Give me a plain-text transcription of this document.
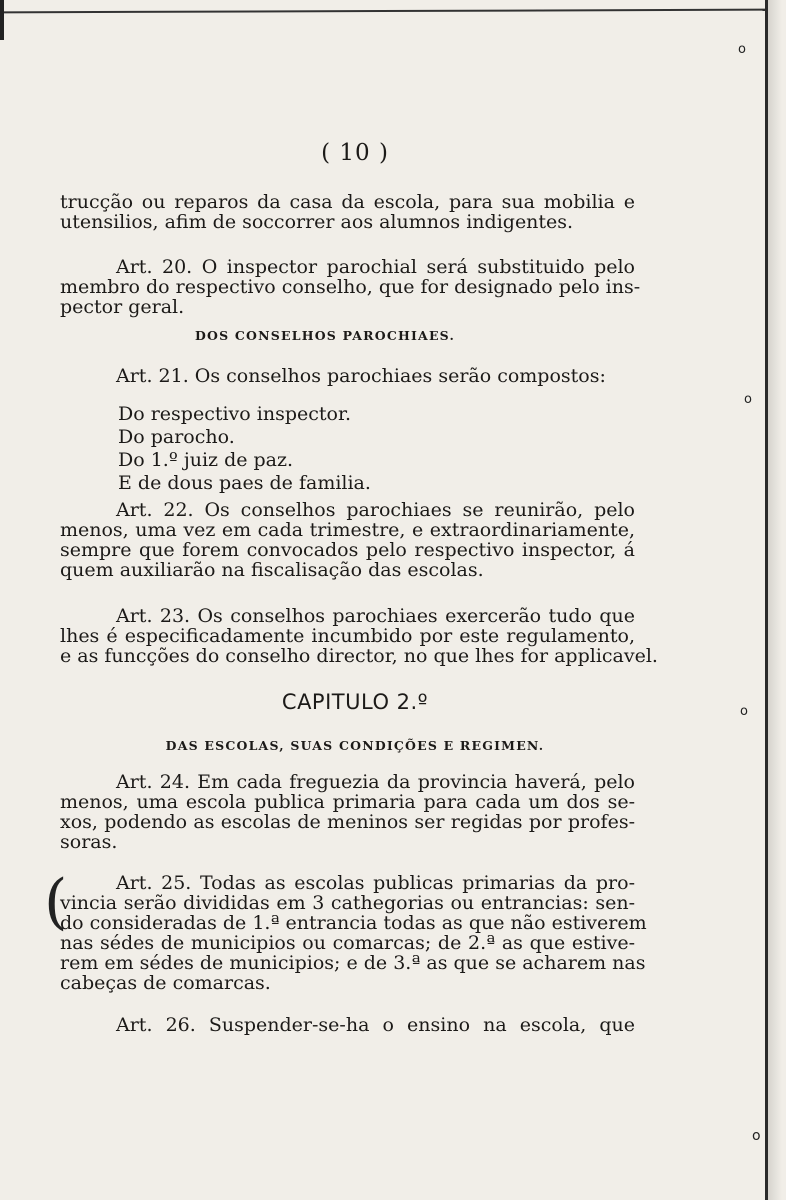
o
o
o
o
(
( 10 )
trucção ou reparos da casa da escola, para sua mobilia e
utensilios, afim de soccorrer aos alumnos indigentes.
Art. 20. O inspector parochial será substituido pelo
membro do respectivo conselho, que for designado pelo ins-
pector geral.
DOS CONSELHOS PAROCHIAES.
Art. 21. Os conselhos parochiaes serão compostos:
Do respectivo inspector.
Do parocho.
Do 1.º juiz de paz.
E de dous paes de familia.
Art. 22. Os conselhos parochiaes se reunirão, pelo
menos, uma vez em cada trimestre, e extraordinariamente,
sempre que forem convocados pelo respectivo inspector, á
quem auxiliarão na fiscalisação das escolas.
Art. 23. Os conselhos parochiaes exercerão tudo que
lhes é especificadamente incumbido por este regulamento,
e as funcções do conselho director, no que lhes for applicavel.
CAPITULO 2.º
DAS ESCOLAS, SUAS CONDIÇÕES E REGIMEN.
Art. 24. Em cada freguezia da provincia haverá, pelo
menos, uma escola publica primaria para cada um dos se-
xos, podendo as escolas de meninos ser regidas por profes-
soras.
Art. 25. Todas as escolas publicas primarias da pro-
vincia serão divididas em 3 cathegorias ou entrancias: sen-
do consideradas de 1.ª entrancia todas as que não estiverem
nas sédes de municipios ou comarcas; de 2.ª as que estive-
rem em sédes de municipios; e de 3.ª as que se acharem nas
cabeças de comarcas.
Art. 26. Suspender-se-ha o ensino na escola, que
